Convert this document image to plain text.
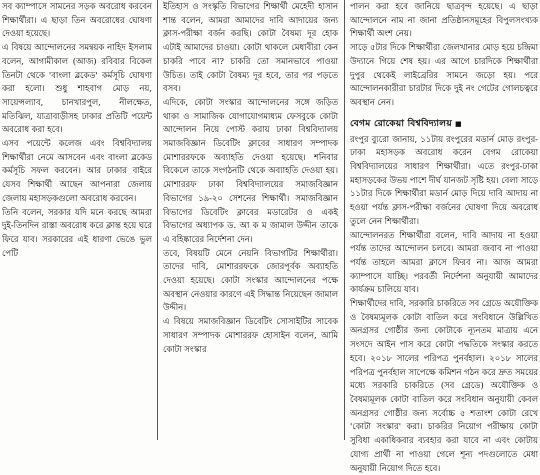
সব ক্যাম্পাসে সামনের সড়ক অবরোধ করবেন শিক্ষার্থীরা। এ ছাড়া তিন অবরোধের ঘোষণা দেওয়া হয়েছে।

এ বিষয়ে আন্দোলনের সমন্বয়ক নাহিদ ইসলাম বলেন, আগামীকাল (আজ) রবিবার বিকেল তিনটা থেকে 'বাংলা ব্লকেড' কর্মসূচি ঘোষণা করা হলো। শুধু শাহবাগ মোড় নয়, সায়েন্সল্যাব, চানখারপুল, নীলক্ষেত, মতিঝিল, যাত্রাবাড়ীসহ ঢাকার প্রতিটি পয়েন্ট অবরোধ করা হবে।

এসব পয়েন্টে কলেজ এবং বিশ্ববিদ্যালয় শিক্ষার্থীরা নেমে আসবেন এবং বাংলা ব্লকেড কর্মসূচি সফল করবেন। আর ঢাকার বাইরে যেসব শিক্ষার্থী আছেন আপনারা জেলায় জেলায় মহাসড়কগুলো অবরোধ করবেন।

তিনি বলেন, সরকার যদি মনে করছে আমরা দুই-তিনদিন রাস্তা অবরোধ করে ক্লান্ত হয়ে ঘরে ফিরে যাব। সরকারের এই ধারণা ভেঙে ভুল পেটি

ইতিহাস ও সংস্কৃতি বিভাগের শিক্ষার্থী মেহেদী হাসান শান্ত বলেন, আমরা আমাদের দাবি আদায়ের জন্য ক্লাস-পরীক্ষা বর্জন করছি। কোটা বৈষম্য দূর হোক এটাই আমাদের চাওয়া। কোটা থাকলে মেধাবীরা কেন চাকরি পাবে না? চাকরি তো সমানভাবে পাওয়া উচিত। তাই কোটা বৈষম্য দূর হবে, তার পর পড়তে বসব।

এদিকে, কোটা সংস্কার আন্দোলনের সঙ্গে জড়িত থাকা ও সামাজিক যোগাযোগমাধ্যম ফেসবুকে কোটা আন্দোলন নিয়ে পোস্ট করায় ঢাকা বিশ্ববিদ্যালয় সমাজবিজ্ঞান ডিবেটিং ক্লাবের সাধারণ সম্পাদক মোশাররফকে অব্যাহতি দেওয়া হয়েছে। শনিবার বিকেলে তাকে সংগঠনটি থেকে অব্যাহতি দেওয়া হয়। মোশাররফ ঢাকা বিশ্ববিদ্যালয়ের সমাজবিজ্ঞান বিভাগের ১৯-২০ সেশনের শিক্ষার্থী। সমাজবিজ্ঞান বিভাগের ডিবেটিং ক্লাবের মডারেটর ও একই বিভাগের অধ্যাপক ড. আ ক ম জামাল উদ্দীন তাকে এ বহিষ্কারের নির্দেশনা দেন।

তবে, বিষয়টি মেনে নেয়নি বিভাগটির শিক্ষার্থীরা। তাদের দাবি, মোশাররফকে জোরপূর্বক অব্যাহতি দেওয়া হয়েছে। কোটা সংস্কার আন্দোলনের পক্ষে অবস্থান নেওয়ার কারণে এই সিদ্ধান্ত নিয়েছেন জামাল উদ্দীন।

এ বিষয়ে সমাজবিজ্ঞান ডিবেটিং সোসাইটির সাবেক সাধারণ সম্পাদক মোশাররফ হোসাইন বলেন, আমি কোটা সংস্কার

পালন করা হবে জানিয়ে ছাত্রবৃন্দ হয়েছে। এ ছাড়া আন্দোলনে নাম না জানা প্রতিষ্ঠানসমূহের বিপুলসংখ্যক শিক্ষার্থী অংশ নেয়।

সাড়ে ৫টার দিকে শিক্ষার্থীরা জেলখানার মোড় হয়ে চন্দ্রিমা উদ্যানে গিয়ে শেষ হয়। এর আগে চারদিকে শিক্ষার্থীরা দুপুর থেকেই লাইব্রেরির সামনে জড়ো হয়। পরে আন্দোলনকারীরা চারটার দিকে দুই নং গেটের গোলচত্বরে অবস্থান নেন।

বেগম রোকেয়া বিশ্ববিদ্যালয় ■

রংপুর ব্যুরো জানায়, ১১টায় রংপুরের মডার্ন মোড় রংপুর-ঢাকা মহাসড়ক অবরোধ করেন বেগম রোকেয়া বিশ্ববিদ্যালয়ের সাধারণ শিক্ষার্থীরা। এতে রংপুর-ঢাকা মহাসড়কের উভয় পাশে দীর্ঘ যানজট সৃষ্টি হয়। বেলা সাড়ে ১১টার দিকে শিক্ষার্থীরা মডার্ন মোড় দিয়ে দাবি আদায় না হওয়া পর্যন্ত ক্লাস-পরীক্ষা বর্জনের ঘোষণা দিয়ে অবরোধ তুলে নেন শিক্ষার্থীরা।

আন্দোলনরত শিক্ষার্থীরা বলেন, দাবি আদায় না হওয়া পর্যন্ত তাদের আন্দোলন চলবে। আমরা জবাব না পাওয়া পর্যন্ত তাহলে আমরা ক্লাসে ফিরব না। আজ আমরা ক্যাম্পাসে যাচ্ছি। পরবর্তী নির্দেশনা অনুযায়ী আমাদের কার্যক্রম চালিয়ে যাব।

শিক্ষার্থীদের দাবি, সরকারি চাকরিতে সব গ্রেডে অযৌক্তিক ও বৈষম্যমূলক কোটা বাতিল করে সংবিধানে উল্লিখিত অনগ্রসর গোষ্ঠীর জন্য কোটাকে ন্যূনতম মাত্রায় এনে সংসদে আইন পাস করে কোটা পদ্ধতিকে সংস্কার করতে হবে। ২০১৮ সালের পরিপত্র পুনর্বহাল। ২০১৮ সালের পরিপত্র পুনর্বহাল সাপেক্ষে কমিশন গঠন করে দ্রুত সময়ের মধ্যে সরকারি চাকরিতে (সব গ্রেডে) অযৌক্তিক ও বৈষম্যমূলক কোটা বাতিল করে সংবিধান অনুযায়ী কেবল অনগ্রসর গোষ্ঠীর জন্য সর্বোচ্চ ৫ শতাংশ কোটা রেখে 'কোটা সংস্কার' করা। চাকরির নিয়োগ পরীক্ষায় কোটা সুবিধা একাধিকবার ব্যবহার করা যাবে না এবং কোটায় যোগ্য প্রার্থী না পাওয়া গেলে শূন্য পদগুলোতে মেধা অনুযায়ী নিয়োগ দিতে হবে।
